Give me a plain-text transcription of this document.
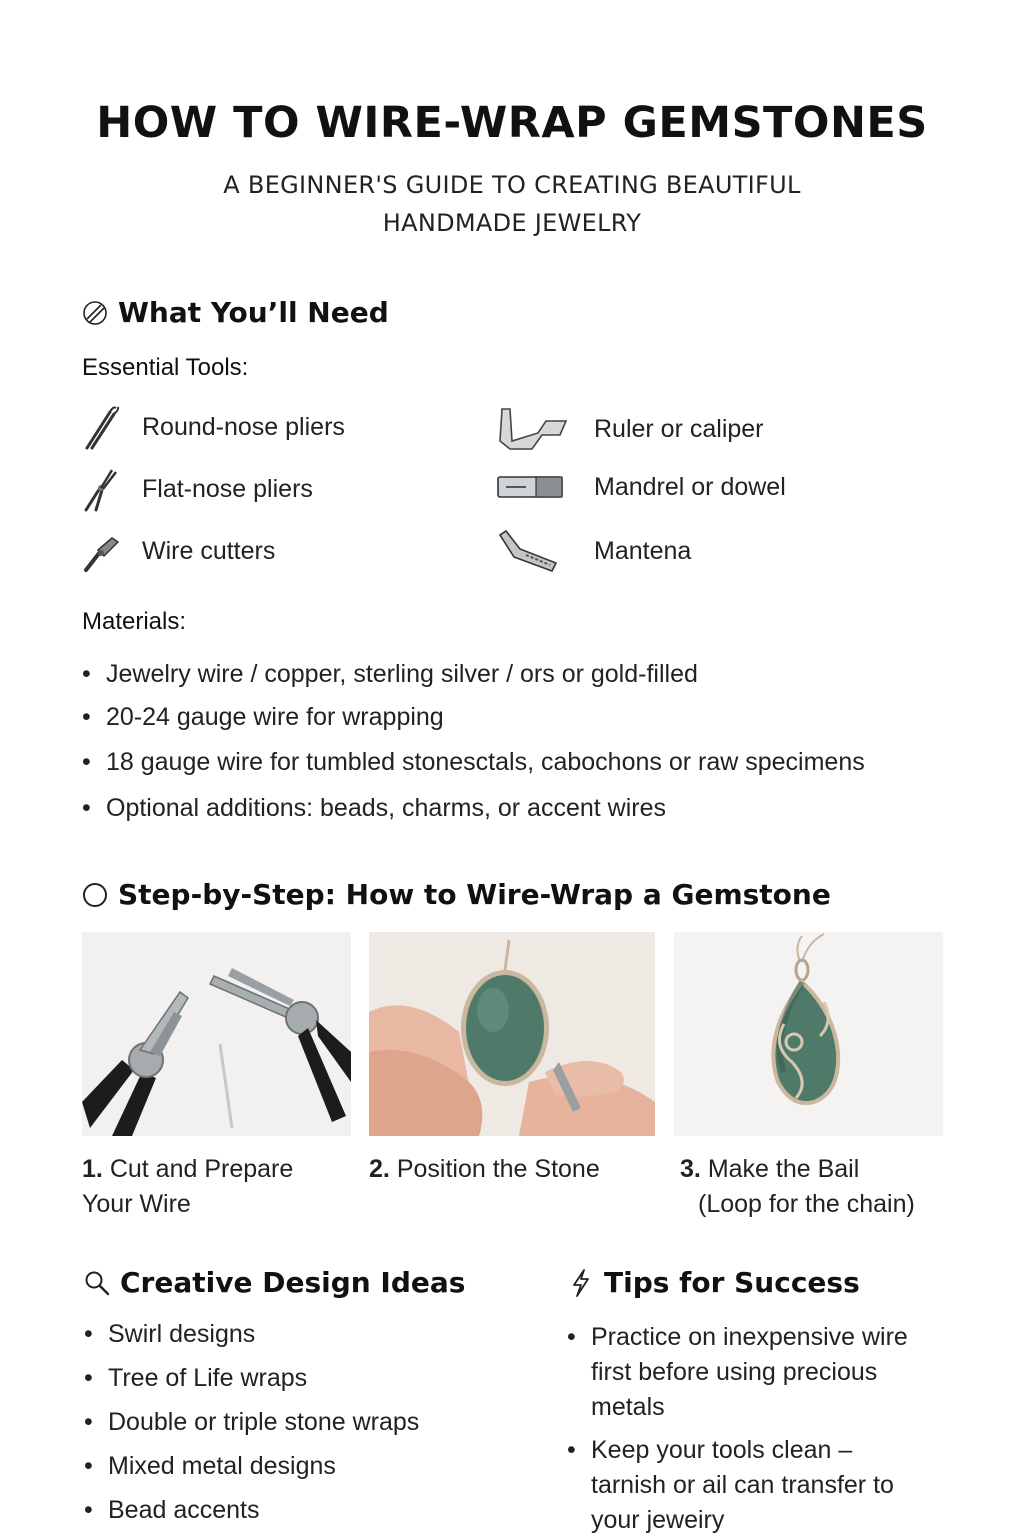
HOW TO WIRE-WRAP GEMSTONES
A BEGINNER'S GUIDE TO CREATING BEAUTIFUL HANDMADE JEWELRY
What You’ll Need
Essential Tools:
Round-nose pliers
Flat-nose pliers
Wire cutters
Ruler or caliper
Mandrel or dowel
Mantena
Materials:
• Jewelry wire / copper, sterling silver / ors or gold-filled
• 20-24 gauge wire for wrapping
• 18 gauge wire for tumbled stonesctals, cabochons or raw specimens
• Optional additions: beads, charms, or accent wires
Step-by-Step: How to Wire-Wrap a Gemstone
1. Cut and Prepare
Your Wire
2. Position the Stone	3. Make the Bail
(Loop for the chain)
Creative Design Ideas
• Swirl designs
• Tree of Life wraps
• Double or triple stone wraps
• Mixed metal designs
• Bead accents
Tips for Success
• Practice on inexpensive wire first before using precious metals
• Keep your tools clean – tarnish or ail can transfer to your jeweiry
